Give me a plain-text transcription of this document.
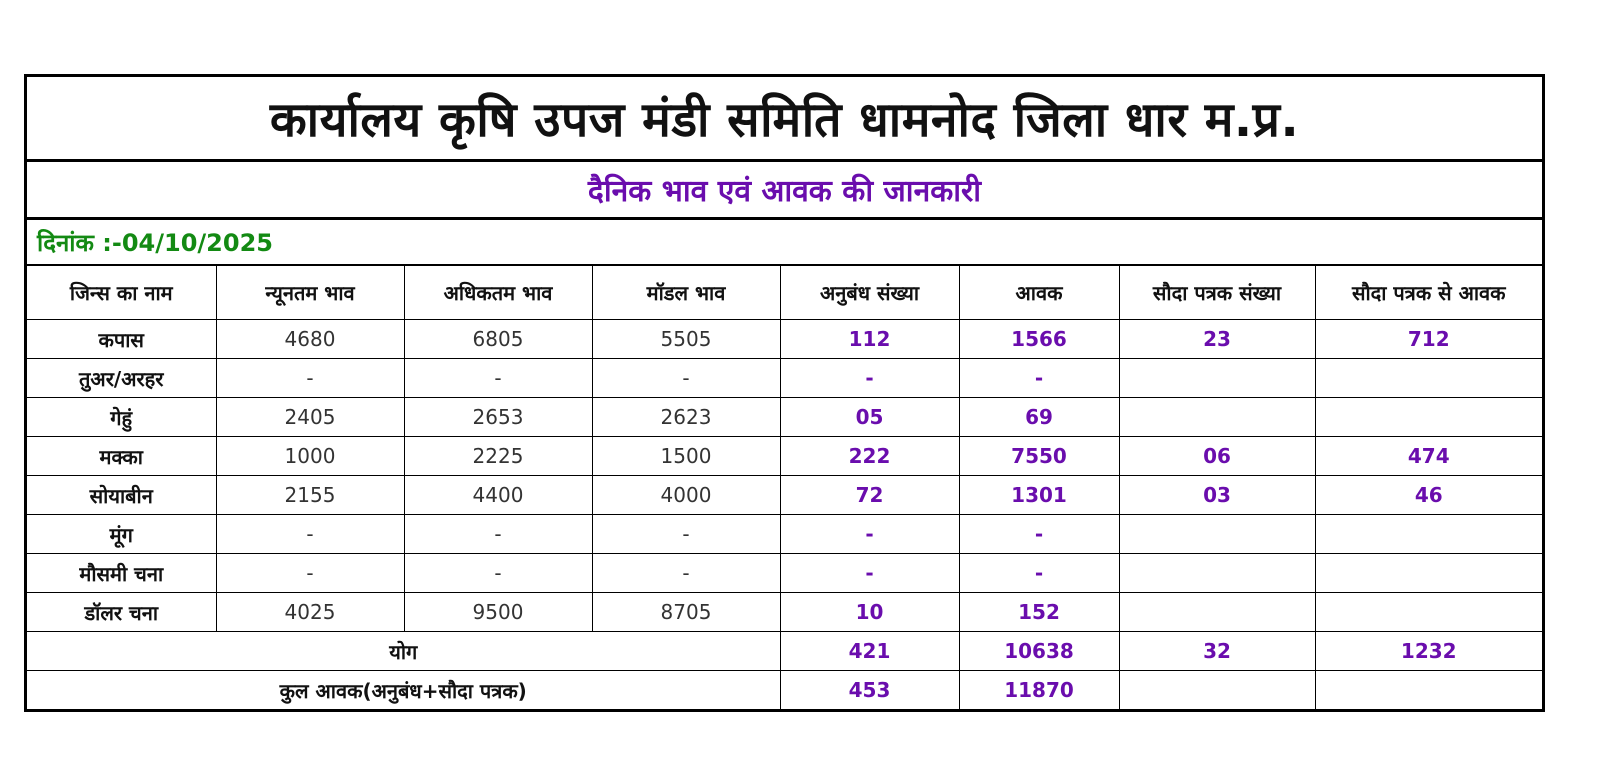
कार्यालय कृषि उपज मंडी समिति धामनोद जिला धार म.प्र.
दैनिक भाव एवं आवक की जानकारी
दिनांक :-04/10/2025
जिन्स का नाम	न्यूनतम भाव	अधिकतम भाव	मॉडल भाव	अनुबंध संख्या	आवक	सौदा पत्रक संख्या	सौदा पत्रक से आवक
कपास	4680	6805	5505	112	1566	23	712
तुअर/अरहर	-	-	-	-	-		
गेहुं	2405	2653	2623	05	69		
मक्का	1000	2225	1500	222	7550	06	474
सोयाबीन	2155	4400	4000	72	1301	03	46
मूंग	-	-	-	-	-		
मौसमी चना	-	-	-	-	-		
डॉलर चना	4025	9500	8705	10	152		
योग				421	10638	32	1232
कुल आवक(अनुबंध+सौदा पत्रक)				453	11870		
